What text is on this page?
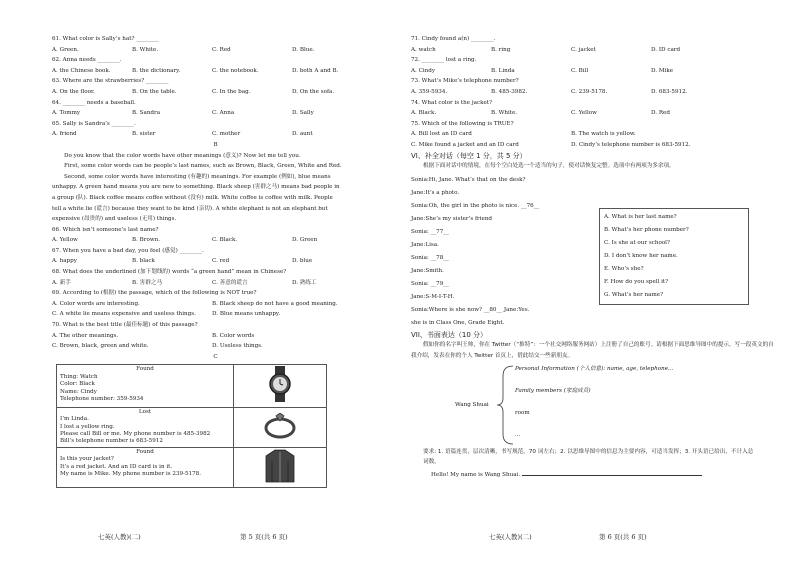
61. What color is Sally’s hat? ________
A. Green.	B. White.	C. Red	D. Blue.
62. Anna needs ________.
A. the Chinese book.	B. the dictionary.	C. the notebook.	D. both A and B.
63. Where are the strawberries? ________
A. On the floor.	B. On the table.	C. In the bag.	D. On the sofa.
64. ________ needs a baseball.
A. Tommy	B. Sandra	C. Anna	D. Sally
65. Sally is Sandra’s ________.
A. friend	B. sister	C. mother	D. aunt
B
Do you know that the color words have other meanings (意义)? Now let me tell you.
First, some color words can be people’s last names, such as Brown, Black, Green, White and Red.
Second, some color words have interesting (有趣的) meanings. For example (例如), blue means
unhappy. A green hand means you are new to something. Black sheep (害群之马) means bad people in
a group (队). Black coffee means coffee without (没有) milk. White coffee is coffee with milk. People
tell a white lie (谎言) because they want to be kind (亲切). A white elephant is not an elephant but
expensive (昂贵的) and useless (无用) things.
66. Which isn’t someone’s last name?
A. Yellow	B. Brown.	C. Black.	D. Green
67. When you have a bad day, you feel (感觉) ________.
A. happy	B. black	C. red	D. blue
68. What does the underlined (加下划线的) words “a green hand” mean in Chinese?
A. 新手	B. 害群之马	C. 善意的谎言	D. 熟练工
69. According to (根据) the passage, which of the following is NOT true?
A. Color words are interesting.	B. Black sheep do not have a good meaning.
C. A white lie means expensive and useless things.	D. Blue means unhappy.
70. What is the best title (最佳标题) of this passage?
A. The other meanings.	B. Color words
C. Brown, black, green and white.	D. Useless things.
C
Found
Thing: Watch
Color: Black
Name: Cindy
Telephone number: 359-5934

Lost
I’m Linda.
I lost a yellow ring.
Please call Bill or me. My phone number is 485-3982
Bill’s telephone number is 683-5912

Found
Is this your jacket?
It’s a red jacket. And an ID card is in it.
My name is Mike. My phone number is 239-5178.

七英(人教)(二)	第 5 页(共 6 页)
71. Cindy found a(n) ________.
A. watch	B. ring	C. jacket	D. ID card
72. ________ lost a ring.
A. Cindy	B. Linda	C. Bill	D. Mike
73. What’s Mike’s telephone number?
A. 359-5934.	B. 485-3982.	C. 239-5178.	D. 683-5912.
74. What color is the jacket?
A. Black.	B. White.	C. Yellow	D. Red
75. Which of the following is TRUE?
A. Bill lost an ID card	B. The watch is yellow.
C. Mike found a jacket and an ID card	D. Cindy’s telephone number is 683-5912.
VI、补全对话（每空 1 分，共 5 分）
根据下面对话中的情境，在每个空白处选一个适当的句子，使对话恢复完整。选项中有两项为多余项。
Sonia:Hi, Jane. What’s that on the desk?
Jane:It’s a photo.
Sonia:Oh, the girl in the photo is nice. __76__
Jane:She’s my sister’s friend
Sonia: __77__
Jane:Lisa.
Sonia: __78__
Jane:Smith.
Sonia: __79__
Jane:S-M-I-T-H.
Sonia:Where is she now? __80__ Jane:Yes.
she is in Class One, Grade Eight.
A. What is her last name?
B. What’s her phone number?
C. Is she at our school?
D. I don’t know her name.
E. Who’s she?
F. How do you spell it?
G. What’s her name?
VII、书面表达（10 分）
假如你的名字叫王帅，你在 Twitter（“推特”：一个社交网络服务网站）上注册了自己的账号。请根据下面思维导图中的提示，写一段英文的自我介绍，发表在你的个人 Twitter 首页上，借此结交一些新朋友。
Wang Shuai
Personal Information (个人信息): name, age, telephone...
Family members (家庭成员)
room
...
要求: 1. 语篇连贯，层次清晰，书写规范，70 词左右；2. 以思维导图中的信息为主要内容，可适当发挥；3. 开头语已给出，不计入总词数。
Hello! My name is Wang Shuai.
七英(人教)(二)	第 6 页(共 6 页)
